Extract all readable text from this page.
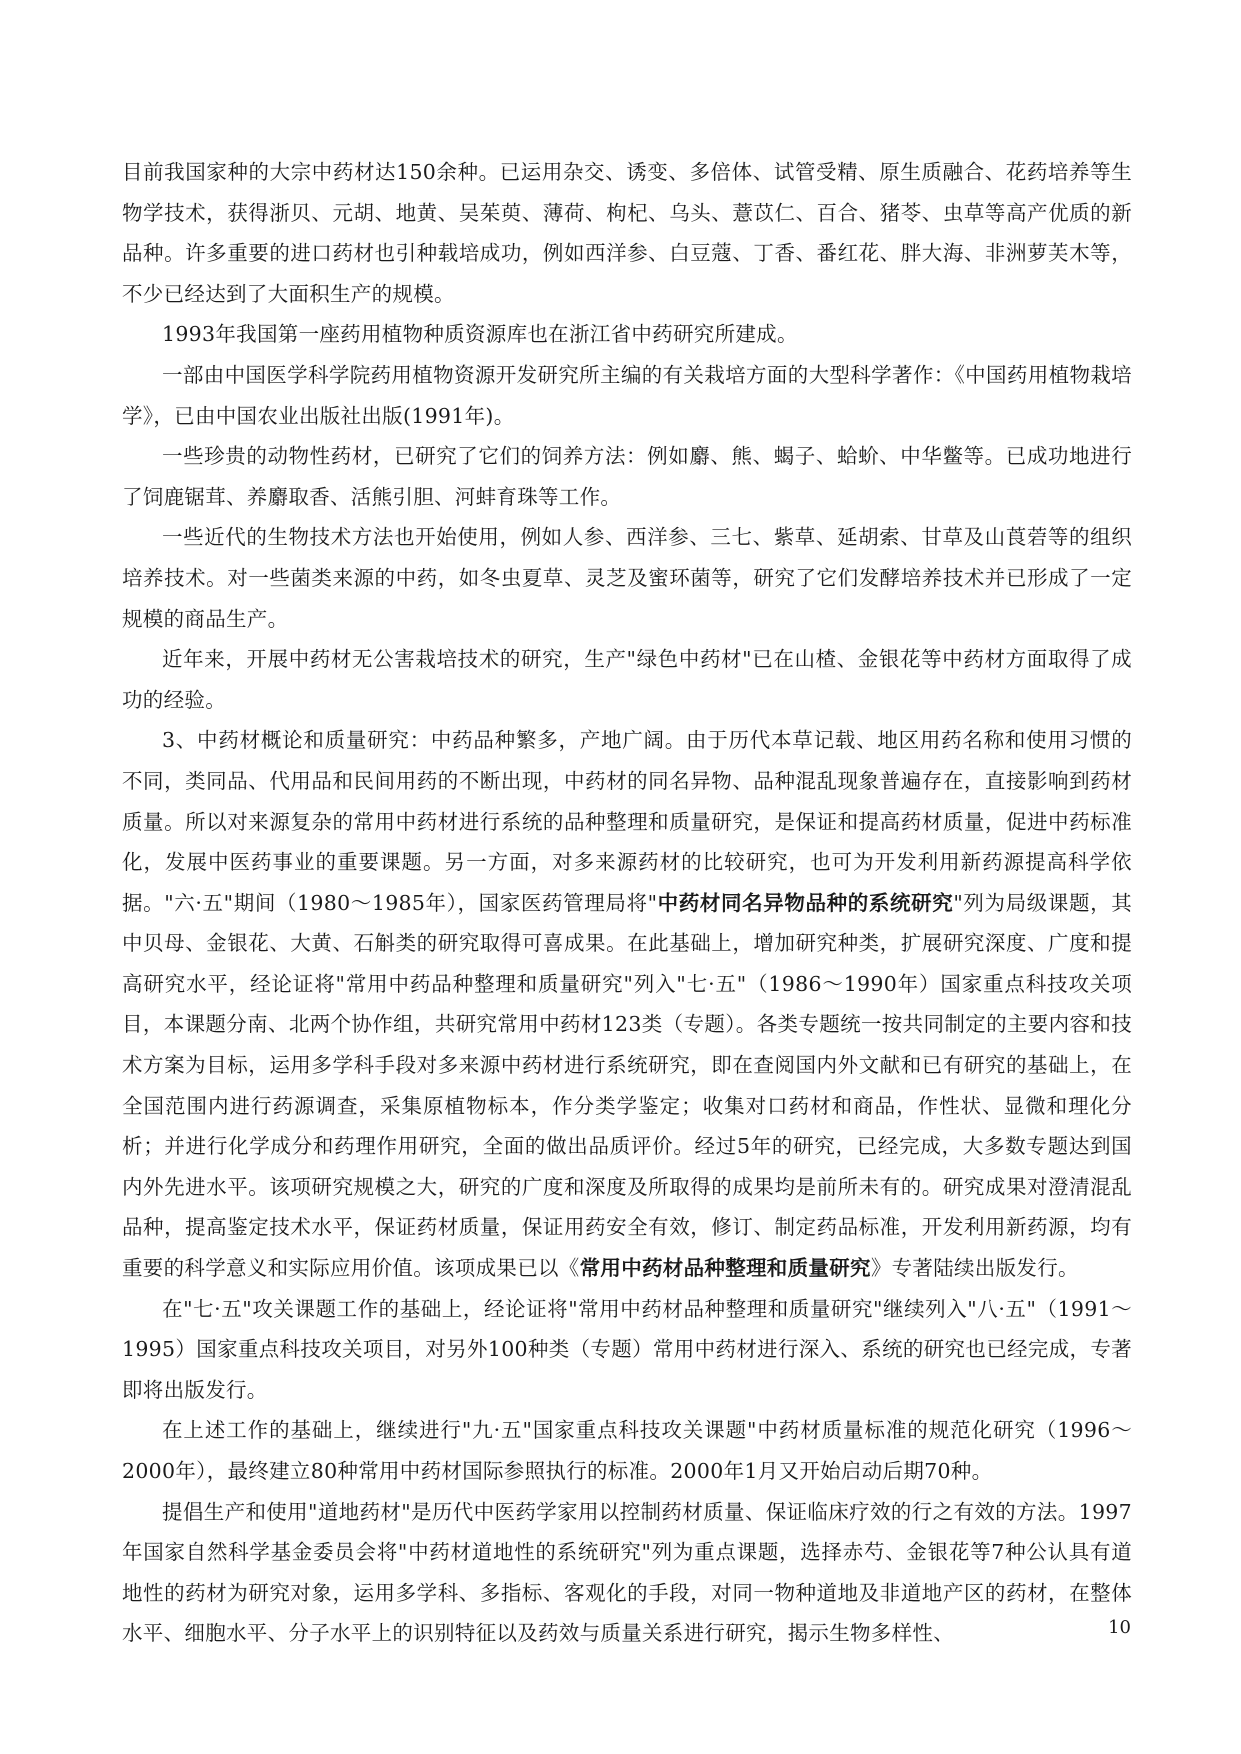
目前我国家种的大宗中药材达150余种。已运用杂交、诱变、多倍体、试管受精、原生质融合、花药培养等生物学技术，获得浙贝、元胡、地黄、吴茱萸、薄荷、枸杞、乌头、薏苡仁、百合、猪苓、虫草等高产优质的新品种。许多重要的进口药材也引种载培成功，例如西洋参、白豆蔻、丁香、番红花、胖大海、非洲萝芙木等，不少已经达到了大面积生产的规模。

1993年我国第一座药用植物种质资源库也在浙江省中药研究所建成。

一部由中国医学科学院药用植物资源开发研究所主编的有关栽培方面的大型科学著作：《中国药用植物栽培学》，已由中国农业出版社出版(1991年)。

一些珍贵的动物性药材，已研究了它们的饲养方法：例如麝、熊、蝎子、蛤蚧、中华鳖等。已成功地进行了饲鹿锯茸、养麝取香、活熊引胆、河蚌育珠等工作。

一些近代的生物技术方法也开始使用，例如人参、西洋参、三七、紫草、延胡索、甘草及山莨菪等的组织培养技术。对一些菌类来源的中药，如冬虫夏草、灵芝及蜜环菌等，研究了它们发酵培养技术并已形成了一定规模的商品生产。

近年来，开展中药材无公害栽培技术的研究，生产"绿色中药材"已在山楂、金银花等中药材方面取得了成功的经验。

3、中药材概论和质量研究：中药品种繁多，产地广阔。由于历代本草记载、地区用药名称和使用习惯的不同，类同品、代用品和民间用药的不断出现，中药材的同名异物、品种混乱现象普遍存在，直接影响到药材质量。所以对来源复杂的常用中药材进行系统的品种整理和质量研究，是保证和提高药材质量，促进中药标准化，发展中医药事业的重要课题。另一方面，对多来源药材的比较研究，也可为开发利用新药源提高科学依据。"六·五"期间（1980～1985年），国家医药管理局将"中药材同名异物品种的系统研究"列为局级课题，其中贝母、金银花、大黄、石斛类的研究取得可喜成果。在此基础上，增加研究种类，扩展研究深度、广度和提高研究水平，经论证将"常用中药品种整理和质量研究"列入"七·五"（1986～1990年）国家重点科技攻关项目，本课题分南、北两个协作组，共研究常用中药材123类（专题）。各类专题统一按共同制定的主要内容和技术方案为目标，运用多学科手段对多来源中药材进行系统研究，即在查阅国内外文献和已有研究的基础上，在全国范围内进行药源调查，采集原植物标本，作分类学鉴定；收集对口药材和商品，作性状、显微和理化分析；并进行化学成分和药理作用研究，全面的做出品质评价。经过5年的研究，已经完成，大多数专题达到国内外先进水平。该项研究规模之大，研究的广度和深度及所取得的成果均是前所未有的。研究成果对澄清混乱品种，提高鉴定技术水平，保证药材质量，保证用药安全有效，修订、制定药品标准，开发利用新药源，均有重要的科学意义和实际应用价值。该项成果已以《常用中药材品种整理和质量研究》专著陆续出版发行。

在"七·五"攻关课题工作的基础上，经论证将"常用中药材品种整理和质量研究"继续列入"八·五"（1991～1995）国家重点科技攻关项目，对另外100种类（专题）常用中药材进行深入、系统的研究也已经完成，专著即将出版发行。

在上述工作的基础上，继续进行"九·五"国家重点科技攻关课题"中药材质量标准的规范化研究（1996～2000年），最终建立80种常用中药材国际参照执行的标准。2000年1月又开始启动后期70种。

提倡生产和使用"道地药材"是历代中医药学家用以控制药材质量、保证临床疗效的行之有效的方法。1997年国家自然科学基金委员会将"中药材道地性的系统研究"列为重点课题，选择赤芍、金银花等7种公认具有道地性的药材为研究对象，运用多学科、多指标、客观化的手段，对同一物种道地及非道地产区的药材，在整体水平、细胞水平、分子水平上的识别特征以及药效与质量关系进行研究，揭示生物多样性、	10
